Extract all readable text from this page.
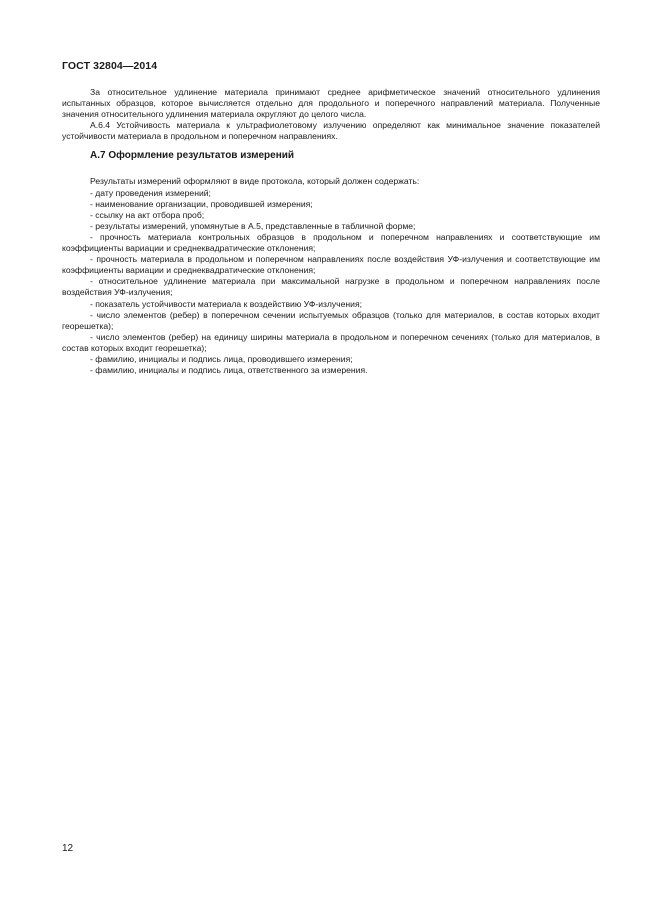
ГОСТ 32804—2014

За относительное удлинение материала принимают среднее арифметическое значений относительного удлинения испытанных образцов, которое вычисляется отдельно для продольного и поперечного направлений материала. Полученные значения относительного удлинения материала округляют до целого числа.

А.6.4 Устойчивость материала к ультрафиолетовому излучению определяют как минимальное значение показателей устойчивости материала в продольном и поперечном направлениях.

А.7 Оформление результатов измерений

Результаты измерений оформляют в виде протокола, который должен содержать:

- дату проведения измерений;
- наименование организации, проводившей измерения;
- ссылку на акт отбора проб;
- результаты измерений, упомянутые в А.5, представленные в табличной форме;
- прочность материала контрольных образцов в продольном и поперечном направлениях и соответствующие им коэффициенты вариации и среднеквадратические отклонения;
- прочность материала в продольном и поперечном направлениях после воздействия УФ-излучения и соответствующие им коэффициенты вариации и среднеквадратические отклонения;
- относительное удлинение материала при максимальной нагрузке в продольном и поперечном направлениях после воздействия УФ-излучения;
- показатель устойчивости материала к воздействию УФ-излучения;
- число элементов (ребер) в поперечном сечении испытуемых образцов (только для материалов, в состав которых входит георешетка);
- число элементов (ребер) на единицу ширины материала в продольном и поперечном сечениях (только для материалов, в состав которых входит георешетка);
- фамилию, инициалы и подпись лица, проводившего измерения;
- фамилию, инициалы и подпись лица, ответственного за измерения.
12
